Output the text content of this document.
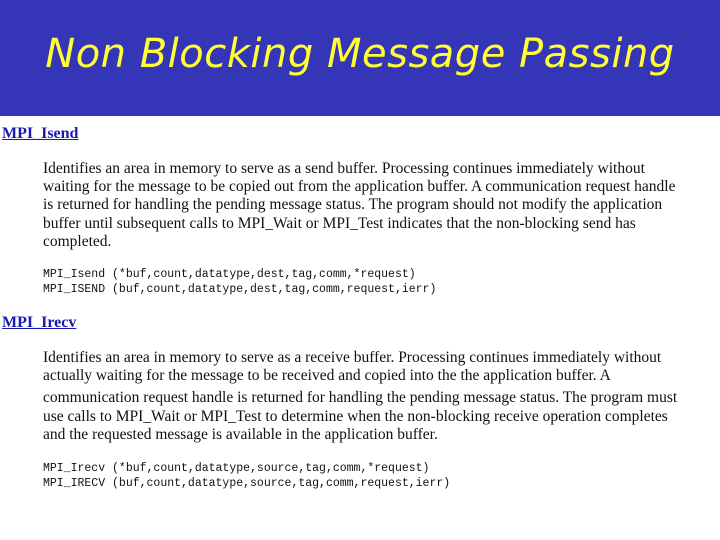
Non Blocking Message Passing
MPI_Isend
Identifies an area in memory to serve as a send buffer. Processing continues immediately without
waiting for the message to be copied out from the application buffer. A communication request handle
is returned for handling the pending message status. The program should not modify the application
buffer until subsequent calls to MPI_Wait or MPI_Test indicates that the non-blocking send has
completed.
MPI_Isend (*buf,count,datatype,dest,tag,comm,*request)
MPI_ISEND (buf,count,datatype,dest,tag,comm,request,ierr)
MPI_Irecv
Identifies an area in memory to serve as a receive buffer. Processing continues immediately without
actually waiting for the message to be received and copied into the the application buffer. A
communication request handle is returned for handling the pending message status. The program must
use calls to MPI_Wait or MPI_Test to determine when the non-blocking receive operation completes
and the requested message is available in the application buffer.
MPI_Irecv (*buf,count,datatype,source,tag,comm,*request)
MPI_IRECV (buf,count,datatype,source,tag,comm,request,ierr)
